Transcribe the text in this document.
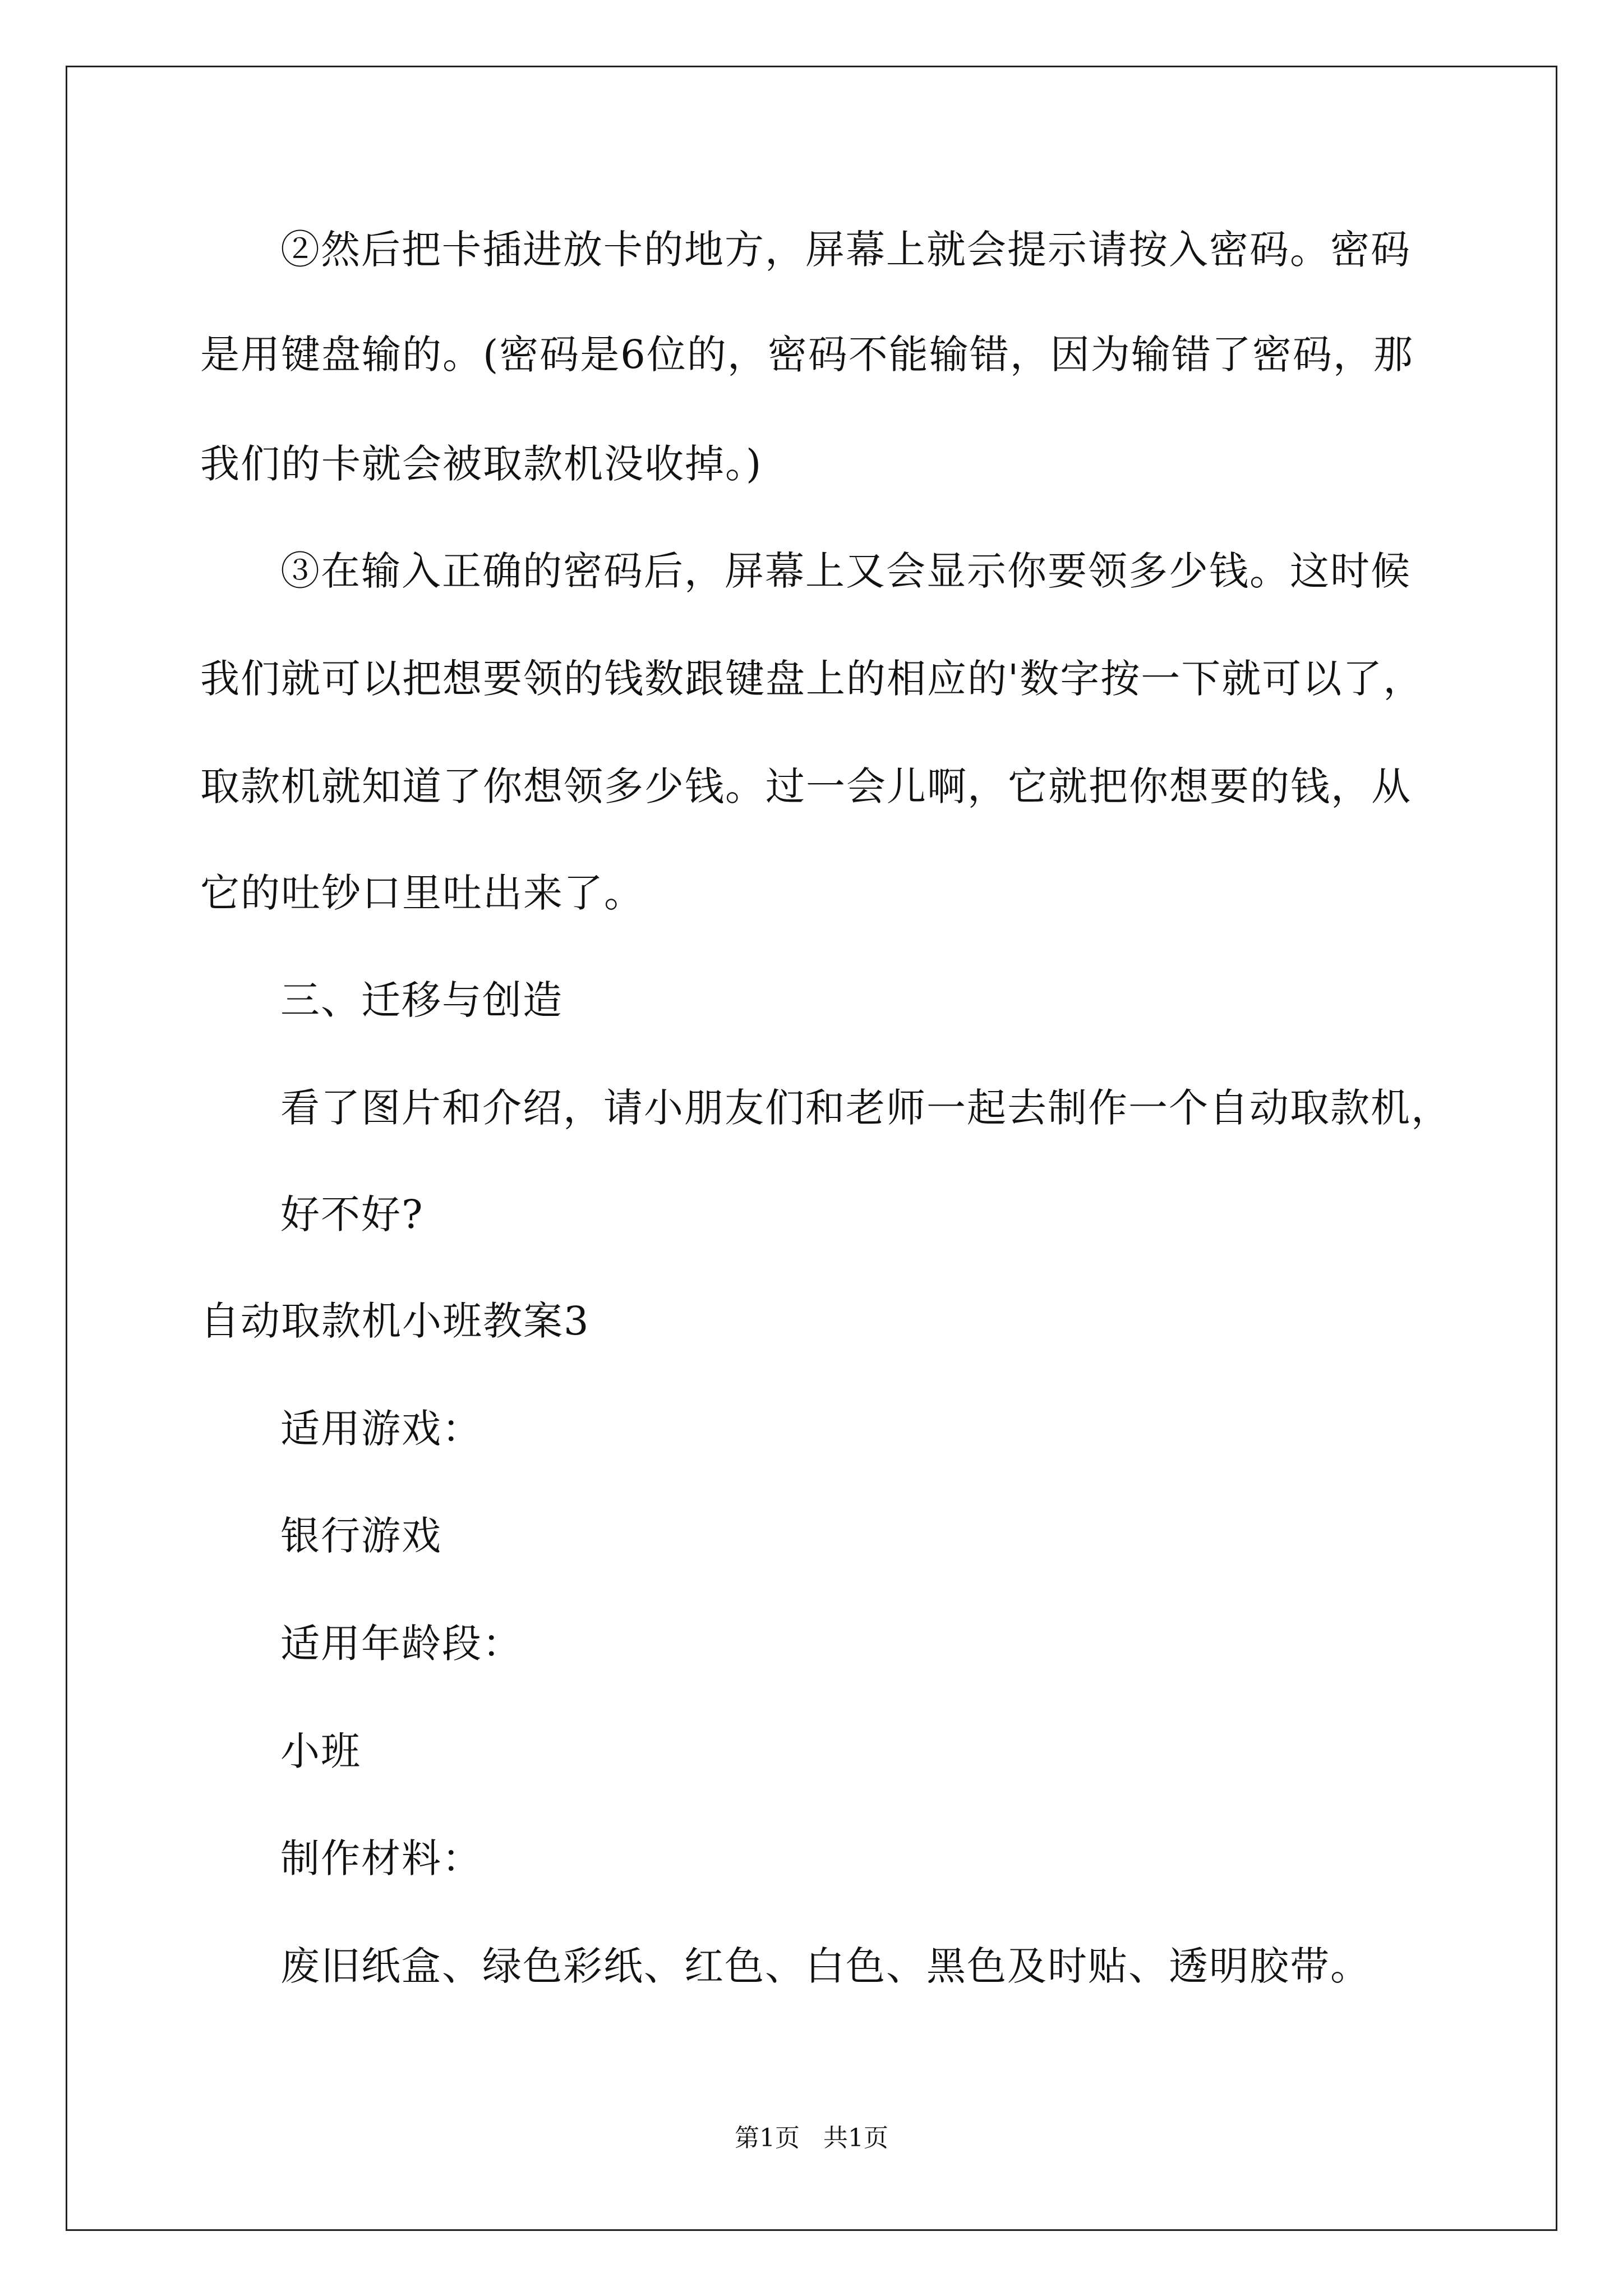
②然后把卡插进放卡的地方，屏幕上就会提示请按入密码。密码
是用键盘输的。(密码是6位的，密码不能输错，因为输错了密码，那
我们的卡就会被取款机没收掉。)
③在输入正确的密码后，屏幕上又会显示你要领多少钱。这时候
我们就可以把想要领的钱数跟键盘上的相应的'数字按一下就可以了，
取款机就知道了你想领多少钱。过一会儿啊，它就把你想要的钱，从
它的吐钞口里吐出来了。
三、迁移与创造
看了图片和介绍，请小朋友们和老师一起去制作一个自动取款机，
好不好?
自动取款机小班教案3
适用游戏：
银行游戏
适用年龄段：
小班
制作材料：
废旧纸盒、绿色彩纸、红色、白色、黑色及时贴、透明胶带。
第1页   共1页
